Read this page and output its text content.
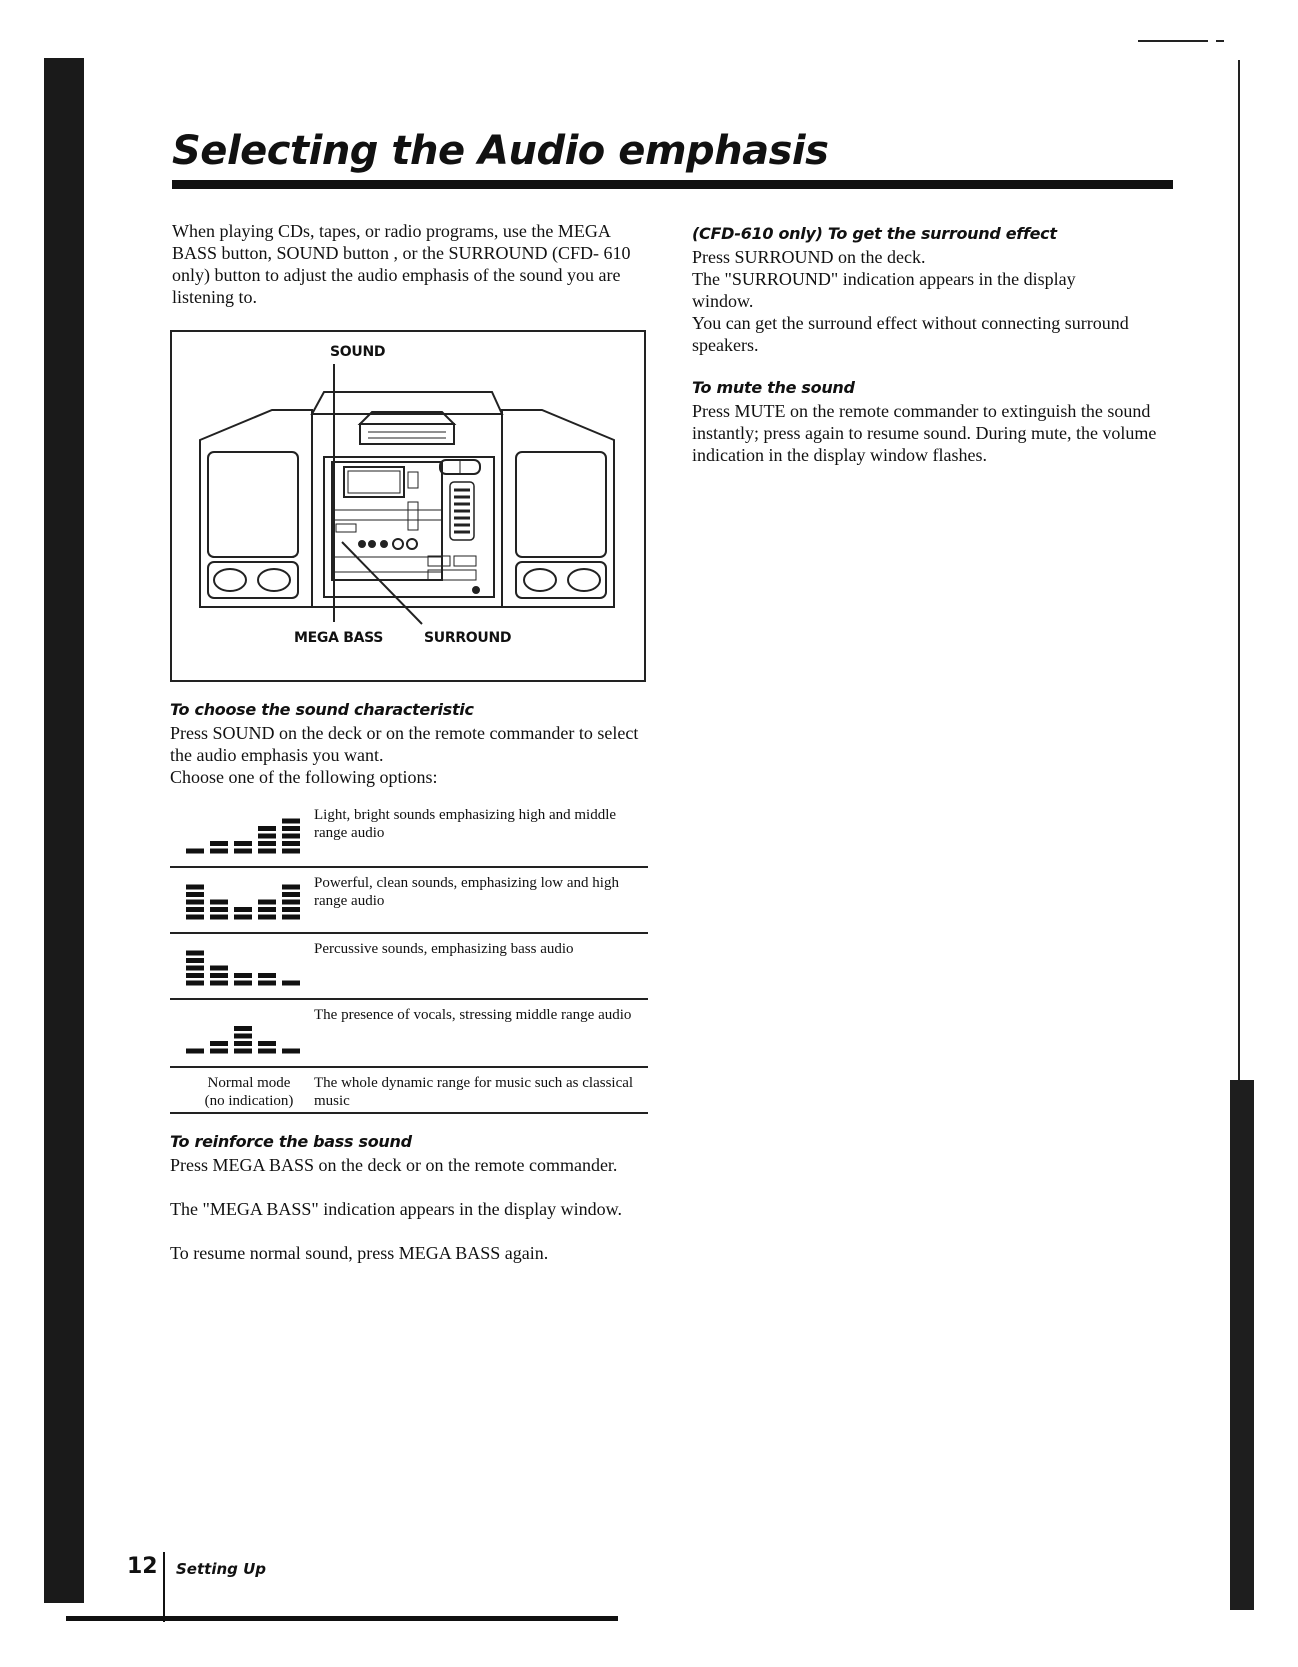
Selecting the Audio emphasis

When playing CDs, tapes, or radio programs, use the MEGA BASS button, SOUND button , or the SURROUND (CFD- 610 only) button to adjust the audio emphasis of the sound you are listening to.

SOUND
MEGA BASS	SURROUND
To choose the sound characteristic

Press SOUND on the deck or on the remote commander to select the audio emphasis you want.

Choose one of the following options:

Light, bright sounds emphasizing high and middle range audio
Powerful, clean sounds, emphasizing low and high range audio
Percussive sounds, emphasizing bass audio
The presence of vocals, stressing middle range audio
Normal mode
(no indication)
The whole dynamic range for music such as classical music
To reinforce the bass sound

Press MEGA BASS on the deck or on the remote commander.

The "MEGA BASS" indication appears in the display window.

To resume normal sound, press MEGA BASS again.

(CFD-610 only) To get the surround effect

Press SURROUND on the deck.

The "SURROUND" indication appears in the display window.

You can get the surround effect without connecting surround speakers.

To mute the sound

Press MUTE on the remote commander to extinguish the sound instantly; press again to resume sound. During mute, the volume indication in the display window flashes.

12 Setting Up
